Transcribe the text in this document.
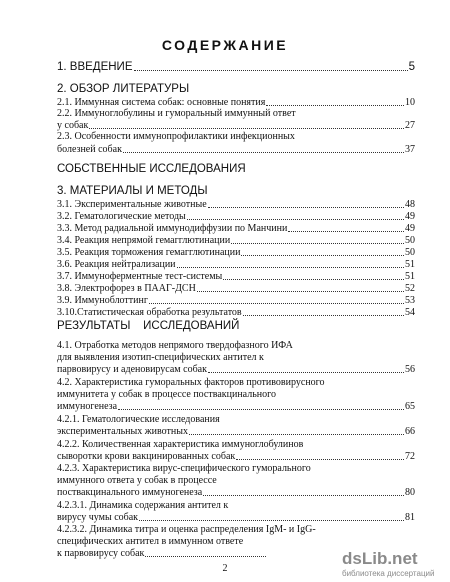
СОДЕРЖАНИЕ
1. ВВЕДЕНИЕ	5
2. ОБЗОР ЛИТЕРАТУРЫ
2.1. Иммунная система собак: основные понятия	10
2.2. Иммуноглобулины и гуморальный иммунный ответ
у собак	27
2.3. Особенности иммунопрофилактики инфекционных
болезней собак	37
СОБСТВЕННЫЕ ИССЛЕДОВАНИЯ
3. МАТЕРИАЛЫ И МЕТОДЫ
3.1. Экспериментальные животные	48
3.2. Гематологические методы	49
3.3. Метод радиальной иммунодиффузии по Манчини	49
3.4. Реакция непрямой гемагглютинации	50
3.5. Реакция торможения гемагглютинации	50
3.6. Реакция нейтрализации	51
3.7. Иммуноферментные тест-системы	51
3.8. Электрофорез в ПААГ-ДСН	52
3.9. Иммуноблоттинг	53
3.10.Статистическая обработка результатов	54
РЕЗУЛЬТАТЫ    ИССЛЕДОВАНИЙ
4.1. Отработка методов непрямого твердофазного ИФА
для выявления изотип-специфических антител к
парвовирусу и аденовирусам собак	56
4.2. Характеристика гуморальных факторов противовирусного
иммунитета у собак в процессе поствакцинального
иммуногенеза	65
4.2.1. Гематологические исследования
экспериментальных животных	66
4.2.2. Количественная характеристика иммуноглобулинов
сыворотки крови вакцинированных собак	72
4.2.3. Характеристика вирус-специфического гуморального
иммунного ответа у собак в процессе
поствакцинального иммуногенеза	80
4.2.3.1. Динамика содержания антител к
вирусу чумы собак	81
4.2.3.2. Динамика титра и оценка распределения IgM- и IgG-
специфических антител в иммунном ответе
к парвовирусу собак
2
dsLib.net
библиотека диссертаций
